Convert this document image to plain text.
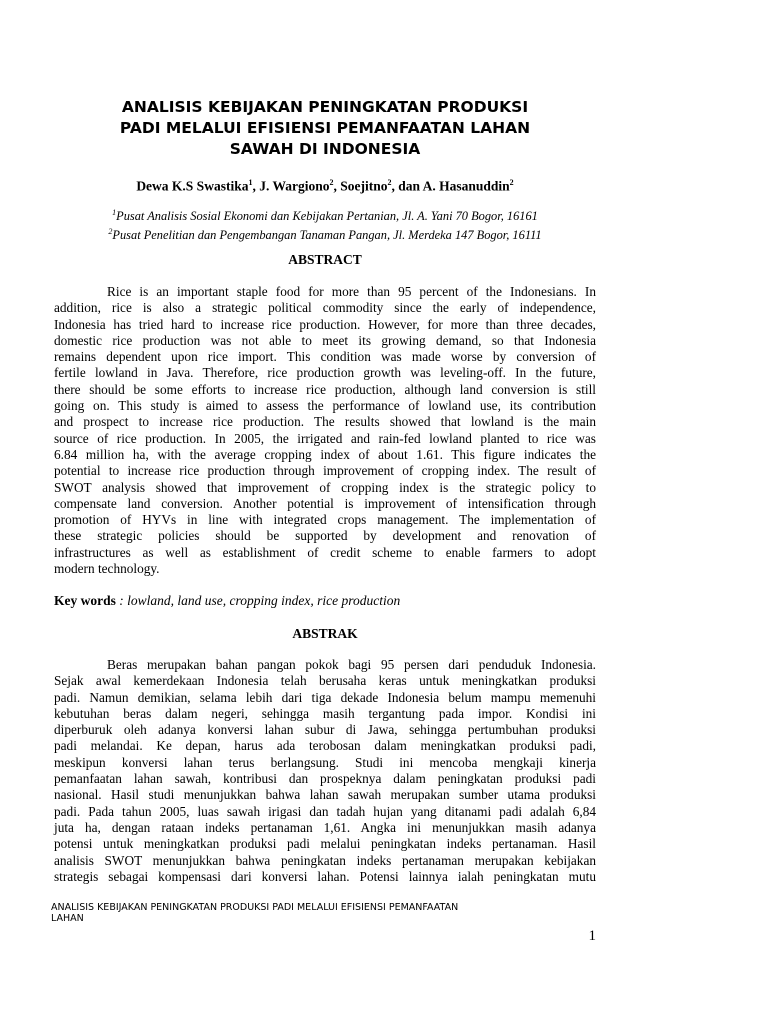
ANALISIS KEBIJAKAN PENINGKATAN PRODUKSI
PADI MELALUI EFISIENSI PEMANFAATAN LAHAN
SAWAH DI INDONESIA
Dewa K.S Swastika$^1$, J. Wargiono$^2$, Soejitno$^2$, dan A. Hasanuddin$^2$
$^1$Pusat Analisis Sosial Ekonomi dan Kebijakan Pertanian, Jl. A. Yani 70 Bogor, 16161
$^2$Pusat Penelitian dan Pengembangan Tanaman Pangan, Jl. Merdeka 147 Bogor, 16111
ABSTRACT
Rice is an important staple food for more than 95 percent of the Indonesians. In
addition, rice is also a strategic political commodity since the early of independence,
Indonesia has tried hard to increase rice production. However, for more than three decades,
domestic rice production was not able to meet its growing demand, so that Indonesia
remains dependent upon rice import. This condition was made worse by conversion of
fertile lowland in Java. Therefore, rice production growth was leveling-off. In the future,
there should be some efforts to increase rice production, although land conversion is still
going on. This study is aimed to assess the performance of lowland use, its contribution
and prospect to increase rice production. The results showed that lowland is the main
source of rice production. In 2005, the irrigated and rain-fed lowland planted to rice was
6.84 million ha, with the average cropping index of about 1.61. This figure indicates the
potential to increase rice production through improvement of cropping index. The result of
SWOT analysis showed that improvement of cropping index is the strategic policy to
compensate land conversion. Another potential is improvement of intensification through
promotion of HYVs in line with integrated crops management. The implementation of
these strategic policies should be supported by development and renovation of
infrastructures as well as establishment of credit scheme to enable farmers to adopt
modern technology.
Key words : lowland, land use, cropping index, rice production
ABSTRAK
Beras merupakan bahan pangan pokok bagi 95 persen dari penduduk Indonesia.
Sejak awal kemerdekaan Indonesia telah berusaha keras untuk meningkatkan produksi
padi. Namun demikian, selama lebih dari tiga dekade Indonesia belum mampu memenuhi
kebutuhan beras dalam negeri, sehingga masih tergantung pada impor. Kondisi ini
diperburuk oleh adanya konversi lahan subur di Jawa, sehingga pertumbuhan produksi
padi melandai. Ke depan, harus ada terobosan dalam meningkatkan produksi padi,
meskipun konversi lahan terus berlangsung. Studi ini mencoba mengkaji kinerja
pemanfaatan lahan sawah, kontribusi dan prospeknya dalam peningkatan produksi padi
nasional. Hasil studi menunjukkan bahwa lahan sawah merupakan sumber utama produksi
padi. Pada tahun 2005, luas sawah irigasi dan tadah hujan yang ditanami padi adalah 6,84
juta ha, dengan rataan indeks pertanaman 1,61. Angka ini menunjukkan masih adanya
potensi untuk meningkatkan produksi padi melalui peningkatan indeks pertanaman. Hasil
analisis SWOT menunjukkan bahwa peningkatan indeks pertanaman merupakan kebijakan
strategis sebagai kompensasi dari konversi lahan. Potensi lainnya ialah peningkatan mutu
ANALISIS KEBIJAKAN PENINGKATAN PRODUKSI PADI MELALUI EFISIENSI PEMANFAATAN
LAHAN
1
